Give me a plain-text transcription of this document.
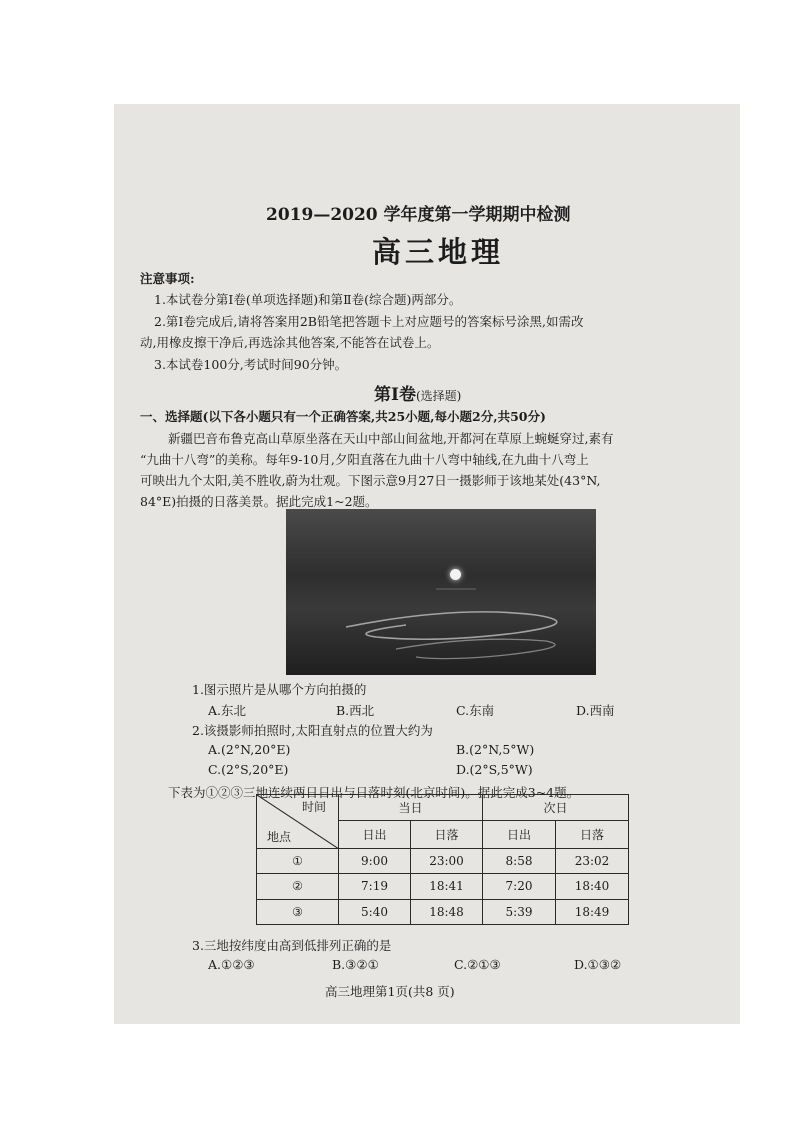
2019—2020 学年度第一学期期中检测
高三地理
注意事项:
1.本试卷分第Ⅰ卷(单项选择题)和第Ⅱ卷(综合题)两部分。
2.第Ⅰ卷完成后,请将答案用2B铅笔把答题卡上对应题号的答案标号涂黑,如需改
动,用橡皮擦干净后,再选涂其他答案,不能答在试卷上。
3.本试卷100分,考试时间90分钟。
第Ⅰ卷(选择题)
一、选择题(以下各小题只有一个正确答案,共25小题,每小题2分,共50分)
新疆巴音布鲁克高山草原坐落在天山中部山间盆地,开都河在草原上蜿蜒穿过,素有
“九曲十八弯”的美称。每年9-10月,夕阳直落在九曲十八弯中轴线,在九曲十八弯上
可映出九个太阳,美不胜收,蔚为壮观。下图示意9月27日一摄影师于该地某处(43°N,
84°E)拍摄的日落美景。据此完成1~2题。
1.图示照片是从哪个方向拍摄的
A.东北	B.西北	C.东南	D.西南
2.该摄影师拍照时,太阳直射点的位置大约为
A.(2°N,20°E)	B.(2°N,5°W)
C.(2°S,20°E)	D.(2°S,5°W)
下表为①②③三地连续两日日出与日落时刻(北京时间)。据此完成3~4题。
时间
地点	当日		次日	
	日出	日落	日出	日落
①	9:00	23:00	8:58	23:02
②	7:19	18:41	7:20	18:40
③	5:40	18:48	5:39	18:49
3.三地按纬度由高到低排列正确的是
A.①②③	B.③②①	C.②①③	D.①③②
高三地理第1页(共8 页)
